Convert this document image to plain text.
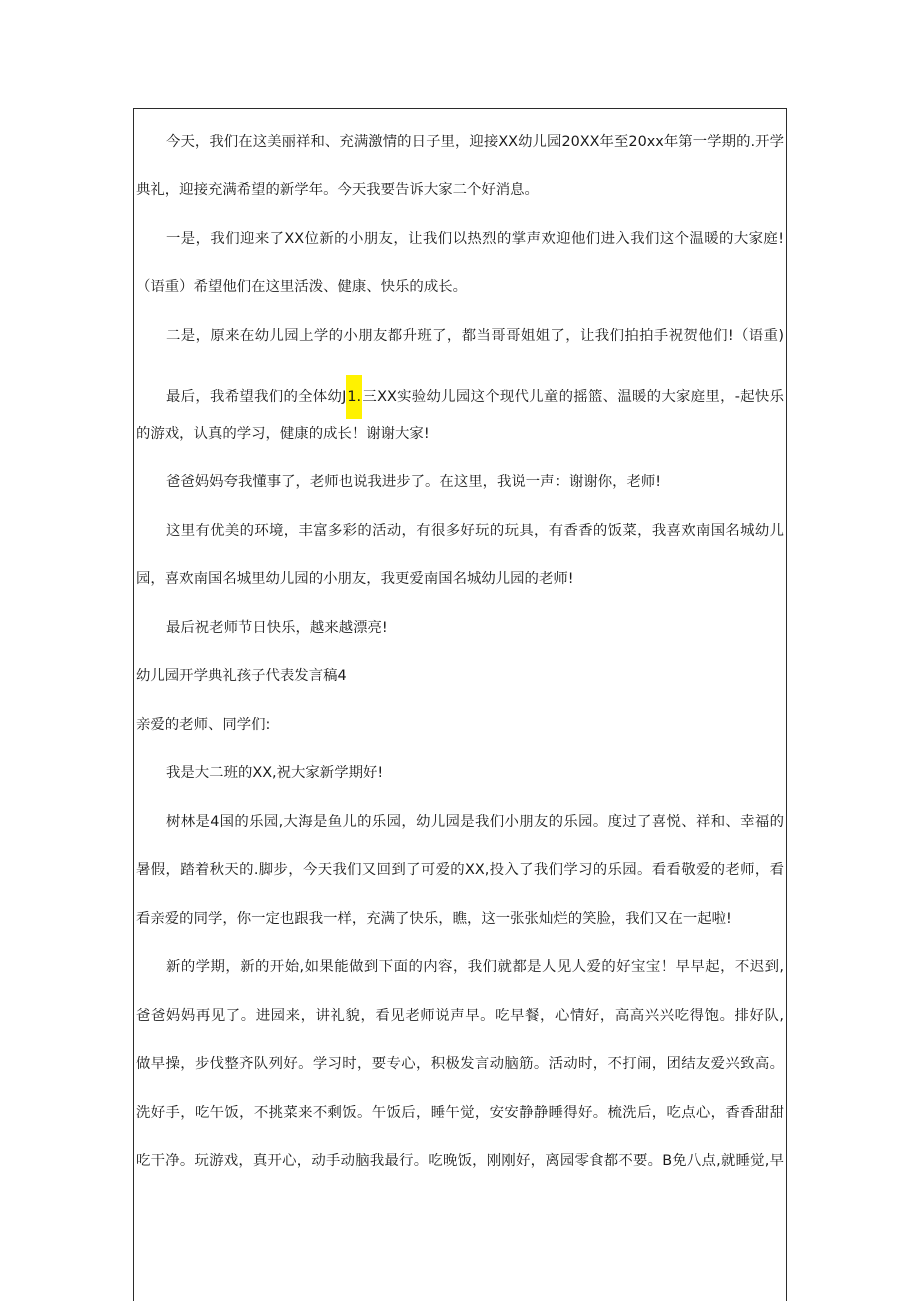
今天，我们在这美丽祥和、充满激情的日子里，迎接XX幼儿园20XX年至20xx年第一学期的.开学
典礼，迎接充满希望的新学年。今天我要告诉大家二个好消息。
一是，我们迎来了XX位新的小朋友，让我们以热烈的掌声欢迎他们进入我们这个温暖的大家庭!
（语重）希望他们在这里活泼、健康、快乐的成长。
二是，原来在幼儿园上学的小朋友都升班了，都当哥哥姐姐了，让我们拍拍手祝贺他们!（语重)
最后，我希望我们的全体幼J1.三XX实验幼儿园这个现代儿童的摇篮、温暖的大家庭里，-起快乐
的游戏，认真的学习，健康的成长！谢谢大家!
爸爸妈妈夸我懂事了，老师也说我进步了。在这里，我说一声：谢谢你，老师!
这里有优美的环境，丰富多彩的活动，有很多好玩的玩具，有香香的饭菜，我喜欢南国名城幼儿
园，喜欢南国名城里幼儿园的小朋友，我更爱南国名城幼儿园的老师!
最后祝老师节日快乐，越来越漂亮!
幼儿园开学典礼孩子代表发言稿4
亲爱的老师、同学们:
我是大二班的XX,祝大家新学期好!
树林是4国的乐园,大海是鱼儿的乐园，幼儿园是我们小朋友的乐园。度过了喜悦、祥和、幸福的
暑假，踏着秋天的.脚步，今天我们又回到了可爱的XX,投入了我们学习的乐园。看看敬爱的老师，看
看亲爱的同学，你一定也跟我一样，充满了快乐，瞧，这一张张灿烂的笑脸，我们又在一起啦!
新的学期，新的开始,如果能做到下面的内容，我们就都是人见人爱的好宝宝！早早起，不迟到,
爸爸妈妈再见了。进园来，讲礼貌，看见老师说声早。吃早餐，心情好，高高兴兴吃得饱。排好队,
做早操，步伐整齐队列好。学习时，要专心，积极发言动脑筋。活动时，不打闹，团结友爱兴致高。
洗好手，吃午饭，不挑菜来不剩饭。午饭后，睡午觉，安安静静睡得好。梳洗后，吃点心，香香甜甜
吃干净。玩游戏，真开心，动手动脑我最行。吃晚饭，刚刚好，离园零食都不要。B免八点,就睡觉,早
